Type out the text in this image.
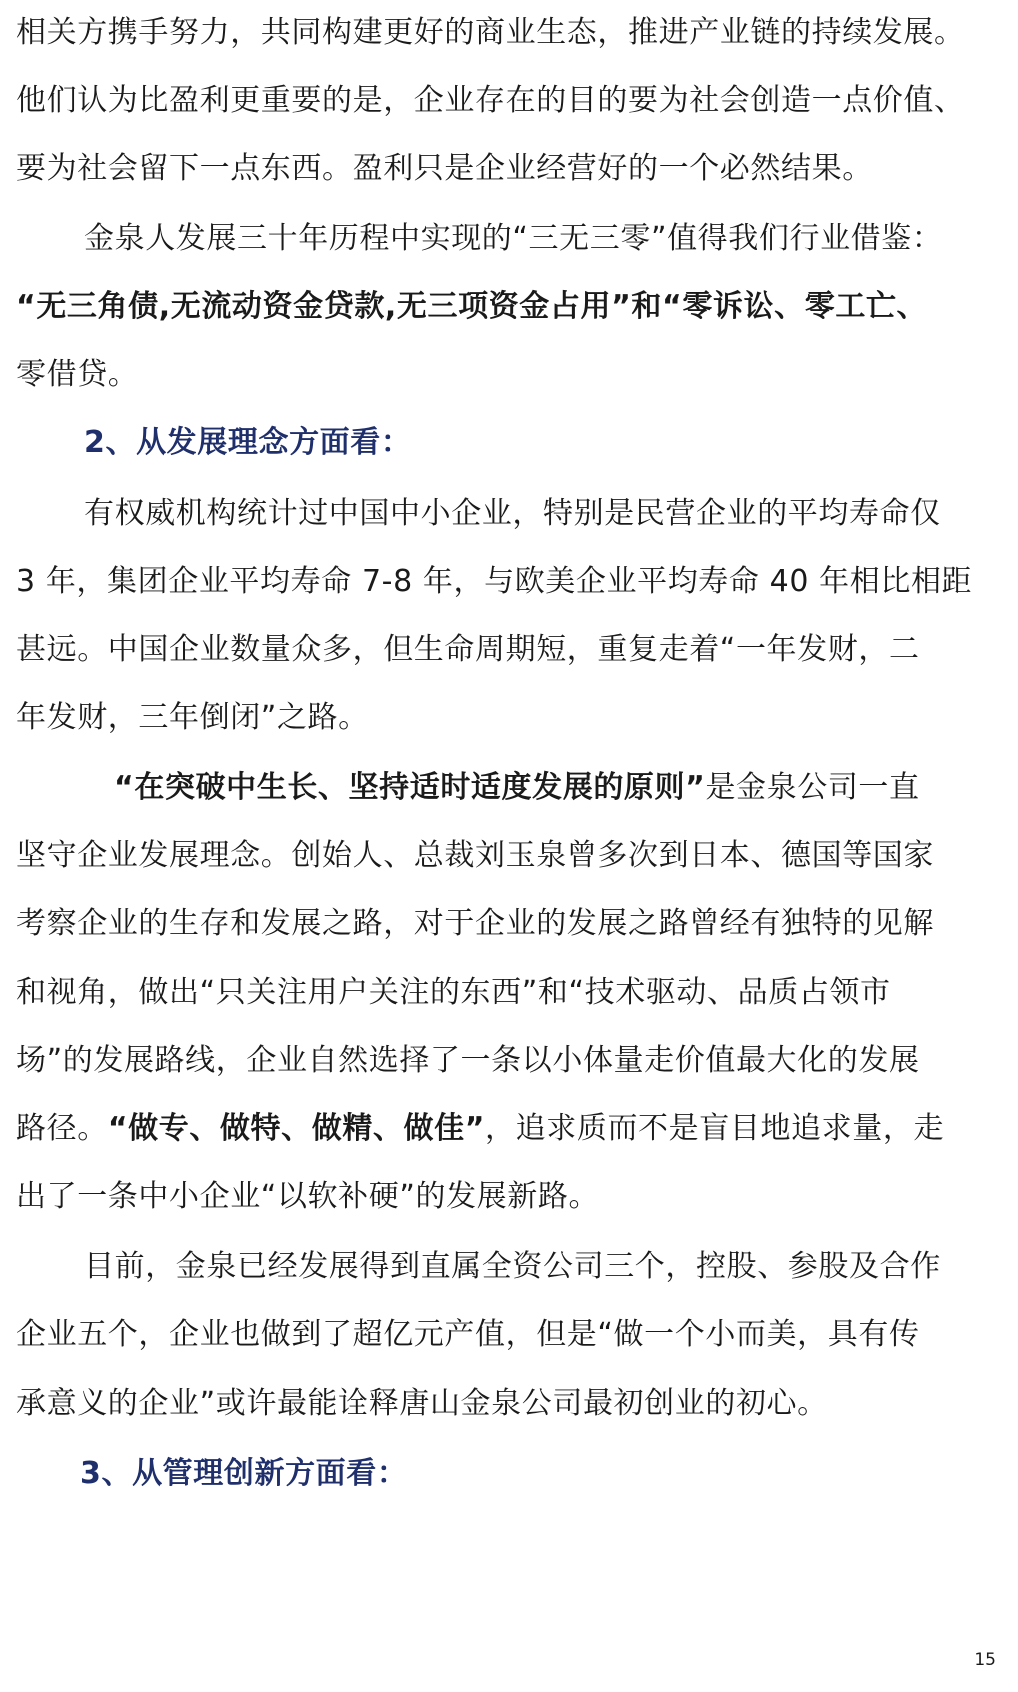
相关方携手努力，共同构建更好的商业生态，推进产业链的持续发展。
他们认为比盈利更重要的是，企业存在的目的要为社会创造一点价值、
要为社会留下一点东西。盈利只是企业经营好的一个必然结果。
金泉人发展三十年历程中实现的“三无三零”值得我们行业借鉴：
“无三角债,无流动资金贷款,无三项资金占用”和“零诉讼、零工亡、
零借贷。
2、从发展理念方面看：
有权威机构统计过中国中小企业，特别是民营企业的平均寿命仅
3 年，集团企业平均寿命 7-8 年，与欧美企业平均寿命 40 年相比相距
甚远。中国企业数量众多，但生命周期短，重复走着“一年发财，二
年发财，三年倒闭”之路。
“在突破中生长、坚持适时适度发展的原则”是金泉公司一直
坚守企业发展理念。创始人、总裁刘玉泉曾多次到日本、德国等国家
考察企业的生存和发展之路，对于企业的发展之路曾经有独特的见解
和视角，做出“只关注用户关注的东西”和“技术驱动、品质占领市
场”的发展路线，企业自然选择了一条以小体量走价值最大化的发展
路径。“做专、做特、做精、做佳”，追求质而不是盲目地追求量，走
出了一条中小企业“以软补硬”的发展新路。
目前，金泉已经发展得到直属全资公司三个，控股、参股及合作
企业五个，企业也做到了超亿元产值，但是“做一个小而美，具有传
承意义的企业”或许最能诠释唐山金泉公司最初创业的初心。
3、从管理创新方面看：
15
